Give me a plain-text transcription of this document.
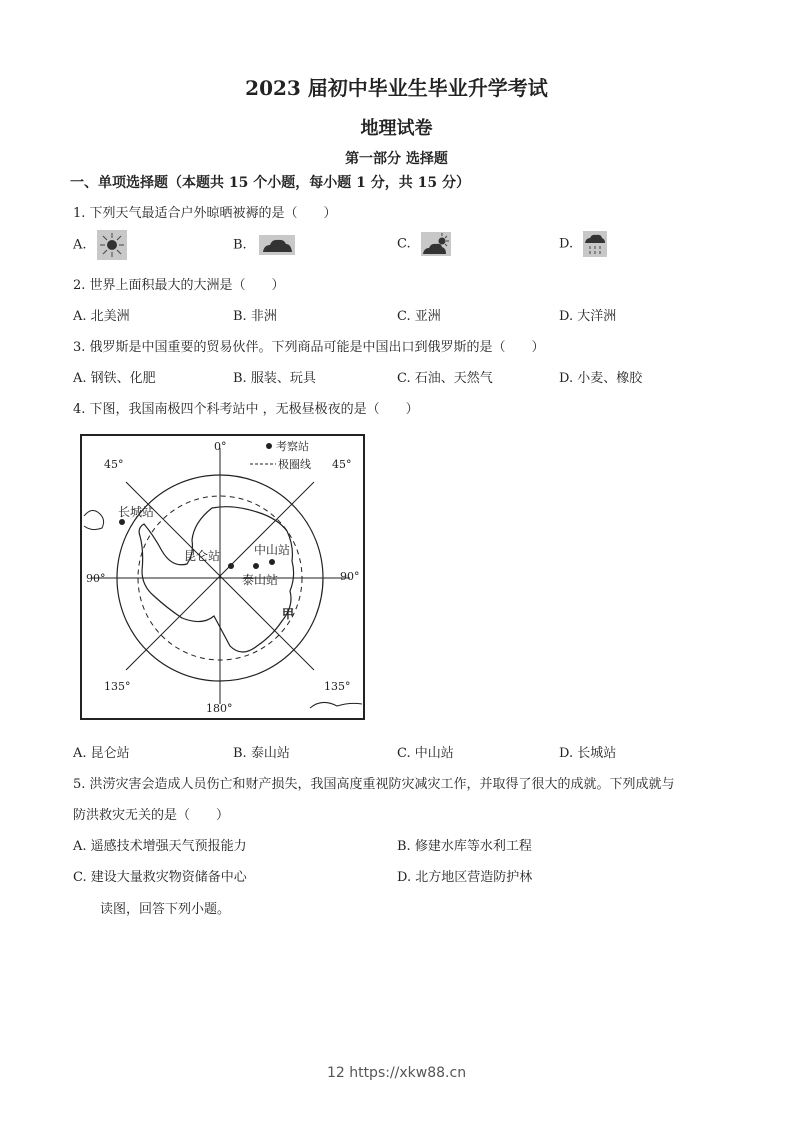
2023 届初中毕业生毕业升学考试
地理试卷
第一部分 选择题
一、单项选择题（本题共 15 个小题，每小题 1 分，共 15 分）
1. 下列天气最适合户外晾晒被褥的是（　　）
A.	B.	C.	D.
2. 世界上面积最大的大洲是（　　）
A. 北美洲	B. 非洲	C. 亚洲	D. 大洋洲
3. 俄罗斯是中国重要的贸易伙伴。下列商品可能是中国出口到俄罗斯的是（　　）
A. 钢铁、化肥	B. 服装、玩具	C. 石油、天然气	D. 小麦、橡胶
4. 下图，我国南极四个科考站中 ，无极昼极夜的是（　　）
考察站
极圈线
0°
45°	45°
90°	90°
135°	135°
180°
长城站
昆仑站	中山站
泰山站
甲
A. 昆仑站	B. 泰山站	C. 中山站	D. 长城站
5. 洪涝灾害会造成人员伤亡和财产损失，我国高度重视防灾减灾工作，并取得了很大的成就。下列成就与
防洪救灾无关的是（　　）
A. 遥感技术增强天气预报能力	B. 修建水库等水利工程
C. 建设大量救灾物资储备中心	D. 北方地区营造防护林
读图，回答下列小题。
12 https://xkw88.cn
